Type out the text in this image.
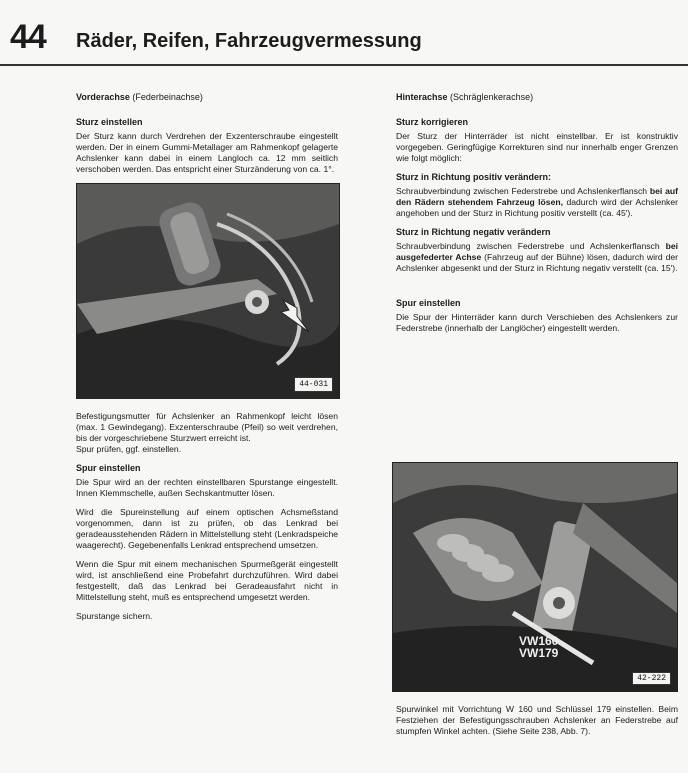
44 Räder, Reifen, Fahrzeugvermessung
Vorderachse (Federbeinachse)
Sturz einstellen

Der Sturz kann durch Verdrehen der Exzenterschraube eingestellt werden. Der in einem Gummi-Metallager am Rahmenkopf gelagerte Achslenker kann dabei in einem Langloch ca. 12 mm seitlich verschoben werden. Das entspricht einer Sturzänderung von ca. 1°.

44-031

Befestigungsmutter für Achslenker an Rahmenkopf leicht lösen (max. 1 Gewindegang). Exzenterschraube (Pfeil) so weit verdrehen, bis der vorgeschriebene Sturzwert erreicht ist.

Spur prüfen, ggf. einstellen.

Spur einstellen

Die Spur wird an der rechten einstellbaren Spurstange eingestellt. Innen Klemmschelle, außen Sechskantmutter lösen.

Wird die Spureinstellung auf einem optischen Achsmeßstand vorgenommen, dann ist zu prüfen, ob das Lenkrad bei geradeausstehenden Rädern in Mittelstellung steht (Lenkradspeiche waagerecht). Gegebenenfalls Lenkrad entsprechend umsetzen.

Wenn die Spur mit einem mechanischen Spurmeßgerät eingestellt wird, ist anschließend eine Probefahrt durchzuführen. Wird dabei festgestellt, daß das Lenkrad bei Geradeausfahrt nicht in Mittelstellung steht, muß es entsprechend umgesetzt werden.

Spurstange sichern.

Hinterachse (Schräglenkerachse)
Sturz korrigieren

Der Sturz der Hinterräder ist nicht einstellbar. Er ist konstruktiv vorgegeben. Geringfügige Korrekturen sind nur innerhalb enger Grenzen wie folgt möglich:

Sturz in Richtung positiv verändern:

Schraubverbindung zwischen Federstrebe und Achslenkerflansch bei auf den Rädern stehendem Fahrzeug lösen, dadurch wird der Achslenker angehoben und der Sturz in Richtung positiv verstellt (ca. 45′).

Sturz in Richtung negativ verändern

Schraubverbindung zwischen Federstrebe und Achslenkerflansch bei ausgefederter Achse (Fahrzeug auf der Bühne) lösen, dadurch wird der Achslenker abgesenkt und der Sturz in Richtung negativ verstellt (ca. 15′).

Spur einstellen

Die Spur der Hinterräder kann durch Verschieben des Achslenkers zur Federstrebe (innerhalb der Langlöcher) eingestellt werden.

VW160
VW179
42-222
Spurwinkel mit Vorrichtung W 160 und Schlüssel 179 einstellen. Beim Festziehen der Befestigungsschrauben Achslenker an Federstrebe auf stumpfen Winkel achten. (Siehe Seite 238, Abb. 7).
